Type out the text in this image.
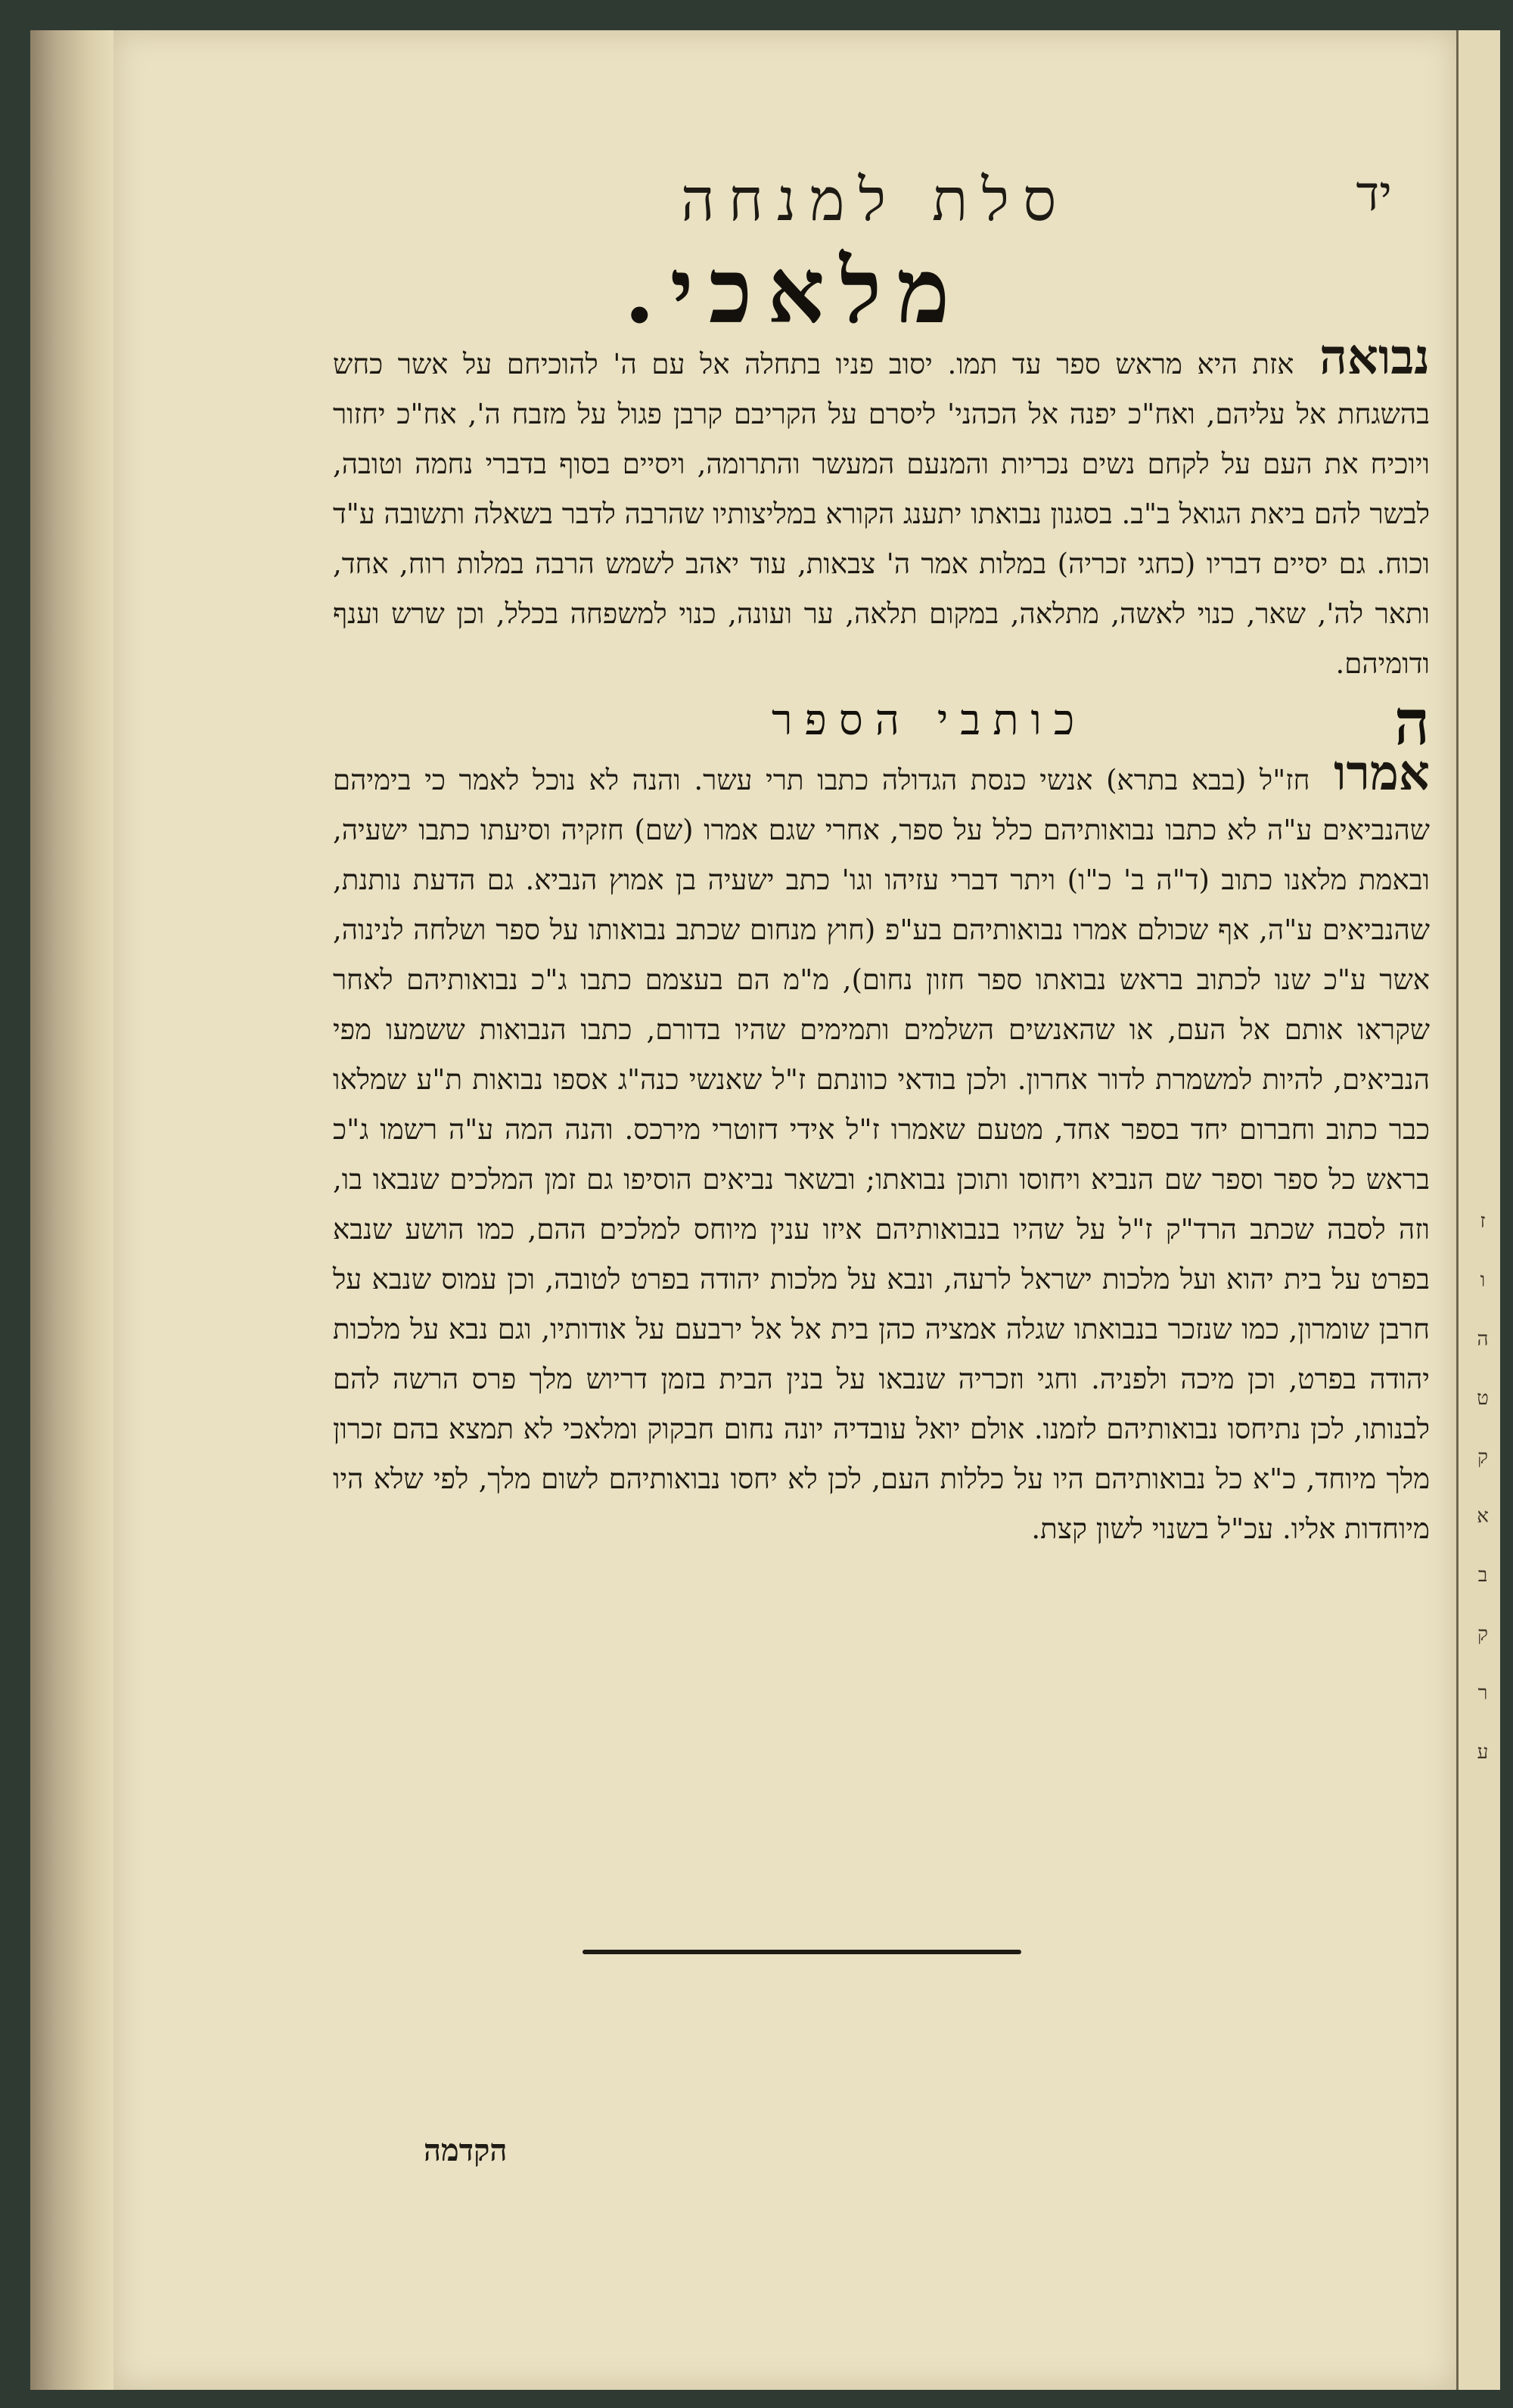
ז
ו
ה
ט
ק
א
ב
ק
ר
ע
סלת למנחה	יד
מלאכי.
נבואה אזת היא מראש ספר עד תמו. יסוב פניו בתחלה אל עם ה' להוכיחם על אשר כחש בהשגחת אל עליהם, ואח"כ יפנה אל הכהני' ליסרם על הקריבם קרבן פגול על מזבח ה', אח"כ יחזור ויוכיח את העם על לקחם נשים נכריות והמנעם המעשר והתרומה, ויסיים בסוף בדברי נחמה וטובה, לבשר להם ביאת הגואל ב"ב. בסגנון נבואתו יתענג הקורא במליצותיו שהרבה לדבר בשאלה ותשובה ע"ד וכוח. גם יסיים דבריו (כחגי זכריה) במלות אמר ה' צבאות, עוד יאהב לשמש הרבה במלות רוח, אחד, ותאר לה', שאר, כנוי לאשה, מתלאה, במקום תלאה, ער ועונה, כנוי למשפחה בכלל, וכן שרש וענף ודומיהם.
ה
כותבי הספר
אמרו חז"ל (בבא בתרא) אנשי כנסת הגדולה כתבו תרי עשר. והנה לא נוכל לאמר כי בימיהם שהנביאים ע"ה לא כתבו נבואותיהם כלל על ספר, אחרי שגם אמרו (שם) חזקיה וסיעתו כתבו ישעיה, ובאמת מלאנו כתוב (ד"ה ב' כ"ו) ויתר דברי עזיהו וגו' כתב ישעיה בן אמוץ הנביא. גם הדעת נותנת, שהנביאים ע"ה, אף שכולם אמרו נבואותיהם בע"פ (חוץ מנחום שכתב נבואותו על ספר ושלחה לנינוה, אשר ע"כ שנו לכתוב בראש נבואתו ספר חזון נחום), מ"מ הם בעצמם כתבו ג"כ נבואותיהם לאחר שקראו אותם אל העם, או שהאנשים השלמים ותמימים שהיו בדורם, כתבו הנבואות ששמעו מפי הנביאים, להיות למשמרת לדור אחרון. ולכן בודאי כוונתם ז"ל שאנשי כנה"ג אספו נבואות ת"ע שמלאו כבר כתוב וחברום יחד בספר אחד, מטעם שאמרו ז"ל אידי דזוטרי מירכס. והנה המה ע"ה רשמו ג"כ בראש כל ספר וספר שם הנביא ויחוסו ותוכן נבואתו; ובשאר נביאים הוסיפו גם זמן המלכים שנבאו בו, וזה לסבה שכתב הרד"ק ז"ל על שהיו בנבואותיהם איזו ענין מיוחס למלכים ההם, כמו הושע שנבא בפרט על בית יהוא ועל מלכות ישראל לרעה, ונבא על מלכות יהודה בפרט לטובה, וכן עמוס שנבא על חרבן שומרון, כמו שנזכר בנבואתו שגלה אמציה כהן בית אל אל ירבעם על אודותיו, וגם נבא על מלכות יהודה בפרט, וכן מיכה ולפניה. וחגי וזכריה שנבאו על בנין הבית בזמן דריוש מלך פרס הרשה להם לבנותו, לכן נתיחסו נבואותיהם לזמנו. אולם יואל עובדיה יונה נחום חבקוק ומלאכי לא תמצא בהם זכרון מלך מיוחד, כ"א כל נבואותיהם היו על כללות העם, לכן לא יחסו נבואותיהם לשום מלך, לפי שלא היו מיוחדות אליו. עכ"ל בשנוי לשון קצת.
הקדמה
